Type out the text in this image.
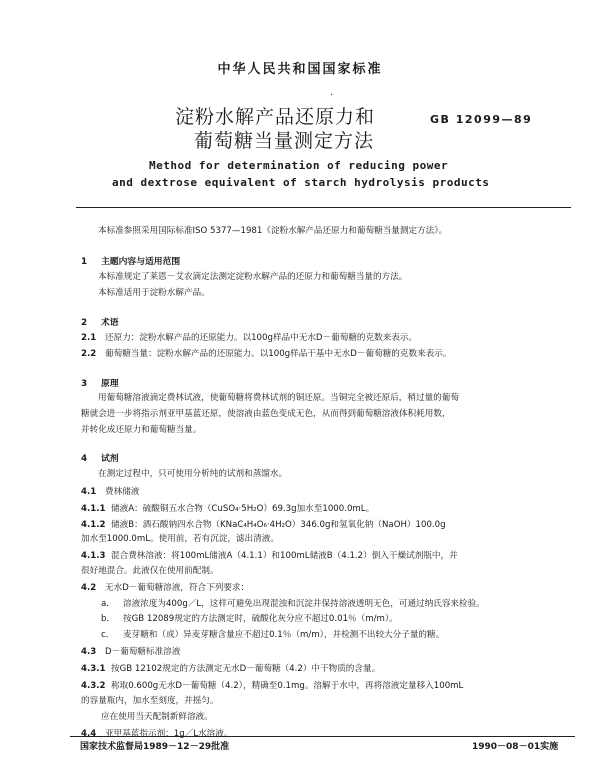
中华人民共和国国家标准
·
淀粉水解产品还原力和
葡萄糖当量测定方法
GB 12099—89
Method for determination of reducing power
and dextrose equivalent of starch hydrolysis products
本标准参照采用国际标准ISO 5377—1981《淀粉水解产品还原力和葡萄糖当量测定方法》。
1 主题内容与适用范围
本标准规定了莱恩－艾农滴定法测定淀粉水解产品的还原力和葡萄糖当量的方法。
本标准适用于淀粉水解产品。
2 术语
2.1 还原力：淀粉水解产品的还原能力。以100g样品中无水D－葡萄糖的克数来表示。
2.2 葡萄糖当量：淀粉水解产品的还原能力。以100g样品干基中无水D－葡萄糖的克数来表示。
3 原理
用葡萄糖溶液滴定费林试液，使葡萄糖将费林试剂的铜还原。当铜完全被还原后，稍过量的葡萄
糖就会进一步将指示剂亚甲基蓝还原，使溶液由蓝色变成无色，从而得到葡萄糖溶液体积耗用数，
并转化成还原力和葡萄糖当量。
4 试剂
在测定过程中，只可使用分析纯的试剂和蒸馏水。
4.1 费林储液
4.1.1 储液A：硫酸铜五水合物（CuSO₄·5H₂O）69.3g加水至1000.0mL。
4.1.2 储液B：酒石酸钠四水合物（KNaC₄H₄O₆·4H₂O）346.0g和氢氧化钠（NaOH）100.0g
加水至1000.0mL。使用前，若有沉淀，滤出清液。
4.1.3 混合费林溶液：将100mL储液A（4.1.1）和100mL储液B（4.1.2）倒入干燥试剂瓶中，并
很好地混合。此液仅在使用前配制。
4.2 无水D－葡萄糖溶液，符合下列要求：
a． 溶液浓度为400g／L，这样可避免出现混浊和沉淀并保持溶液透明无色，可通过纳氏容来检验。
b． 按GB 12089规定的方法测定时，硫酸化灰分应不超过0.01％（m/m）。
c． 麦芽糖和（或）异麦芽糖含量应不超过0.1％（m/m），并检测不出较大分子量的糖。
4.3 D－葡萄糖标准溶液
4.3.1 按GB 12102规定的方法测定无水D－葡萄糖（4.2）中干物质的含量。
4.3.2 称取0.600g无水D－葡萄糖（4.2），精确至0.1mg。溶解于水中，再将溶液定量移入100mL
的容量瓶内，加水至刻度，并摇匀。
应在使用当天配制新鲜溶液。
4.4 亚甲基蓝指示剂：1g／L水溶液。
国家技术监督局1989－12－29批准	1990－08－01实施
